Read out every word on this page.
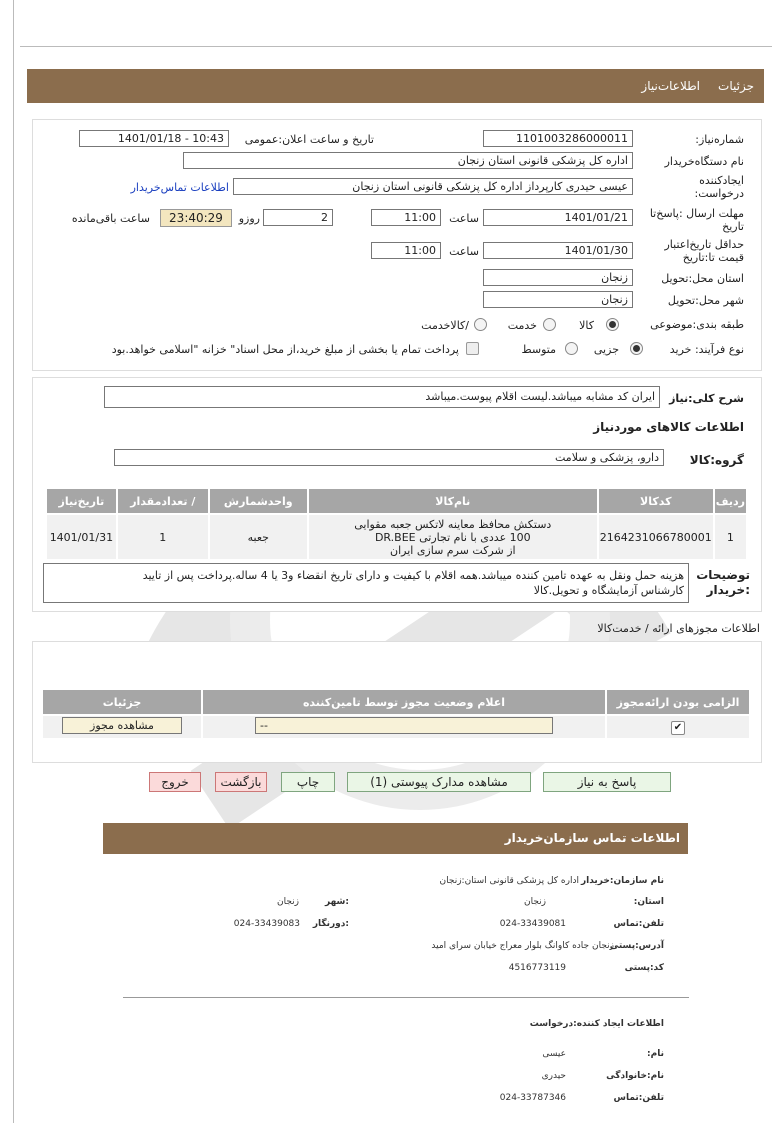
جزئیات
اطلاعات‌نیاز
شماره‌نیاز:
1101003286000011
تاریخ و ساعت اعلان:عمومی
1401/01/18 - 10:43
نام دستگاه‌خریدار
اداره کل پزشکی قانونی استان زنجان
ایجادکننده درخواست:
عیسی حیدری کارپرداز اداره کل پزشکی قانونی استان زنجان
اطلاعات تماس‌خریدار
مهلت ارسال :پاسخ‌تا تاریخ
11:00	ساعت	1401/01/21
2
روزو
23:40:29
ساعت باقی‌مانده
حداقل تاریخ‌اعتبار قیمت تا:تاریخ
11:00	ساعت	1401/01/30
استان محل:تحویل
زنجان
شهر محل:تحویل
زنجان
طبقه بندی:موضوعی
کالا
خدمت
/کالاخدمت
نوع فرآیند: خرید
جزیی
متوسط
پرداخت تمام یا بخشی از مبلغ خرید،از محل اسناد" خزانه "اسلامی خواهد.بود
شرح کلی:نیاز
ایران کد مشابه میباشد.لیست اقلام پیوست.میباشد
اطلاعات کالاهای موردنیاز
گروه:کالا
دارو، پزشکی و سلامت
ردیف	کدکالا	نام‌کالا	واحدشمارش	/ تعدادمقدار	تاریخ‌نیاز
1	2164231066780001	دستکش محافظ معاینه لاتکس جعبه مقوایی
100 عددی با نام تجارتی DR.BEE
از شرکت سرم سازی ایران	جعبه	1	1401/01/31
توضیحات :خریدار
هزینه حمل ونقل به عهده تامین کننده میباشد.همه اقلام با کیفیت و دارای تاریخ انقضاء و3 یا 4 ساله.پرداخت پس از تایید
کارشناس آزمایشگاه و تحویل.کالا
اطلاعات مجوزهای ارائه / خدمت‌کالا
الزامی بودن ارائه‌مجوز	اعلام وضعیت مجوز توسط تامین‌کننده	جزئیات
✔	--	مشاهده مجوز
پاسخ به نیاز
مشاهده مدارک پیوستی (1)
چاپ
بازگشت
خروج
اطلاعات تماس سازمان‌خریدار
نام سازمان:خریدار
اداره کل پزشکی قانونی استان:زنجان
استان:
زنجان
:شهر
زنجان
تلفن:تماس
024-33439081
:دورنگار
024-33439083
آدرس:پستی
زنجان جاده کاوانگ بلوار معراج خیابان سرای امید
کد:پستی
4516773119
اطلاعات ایجاد کننده:درخواست
نام:
عیسی
نام:خانوادگی
حیدری
تلفن:تماس
024-33787346
